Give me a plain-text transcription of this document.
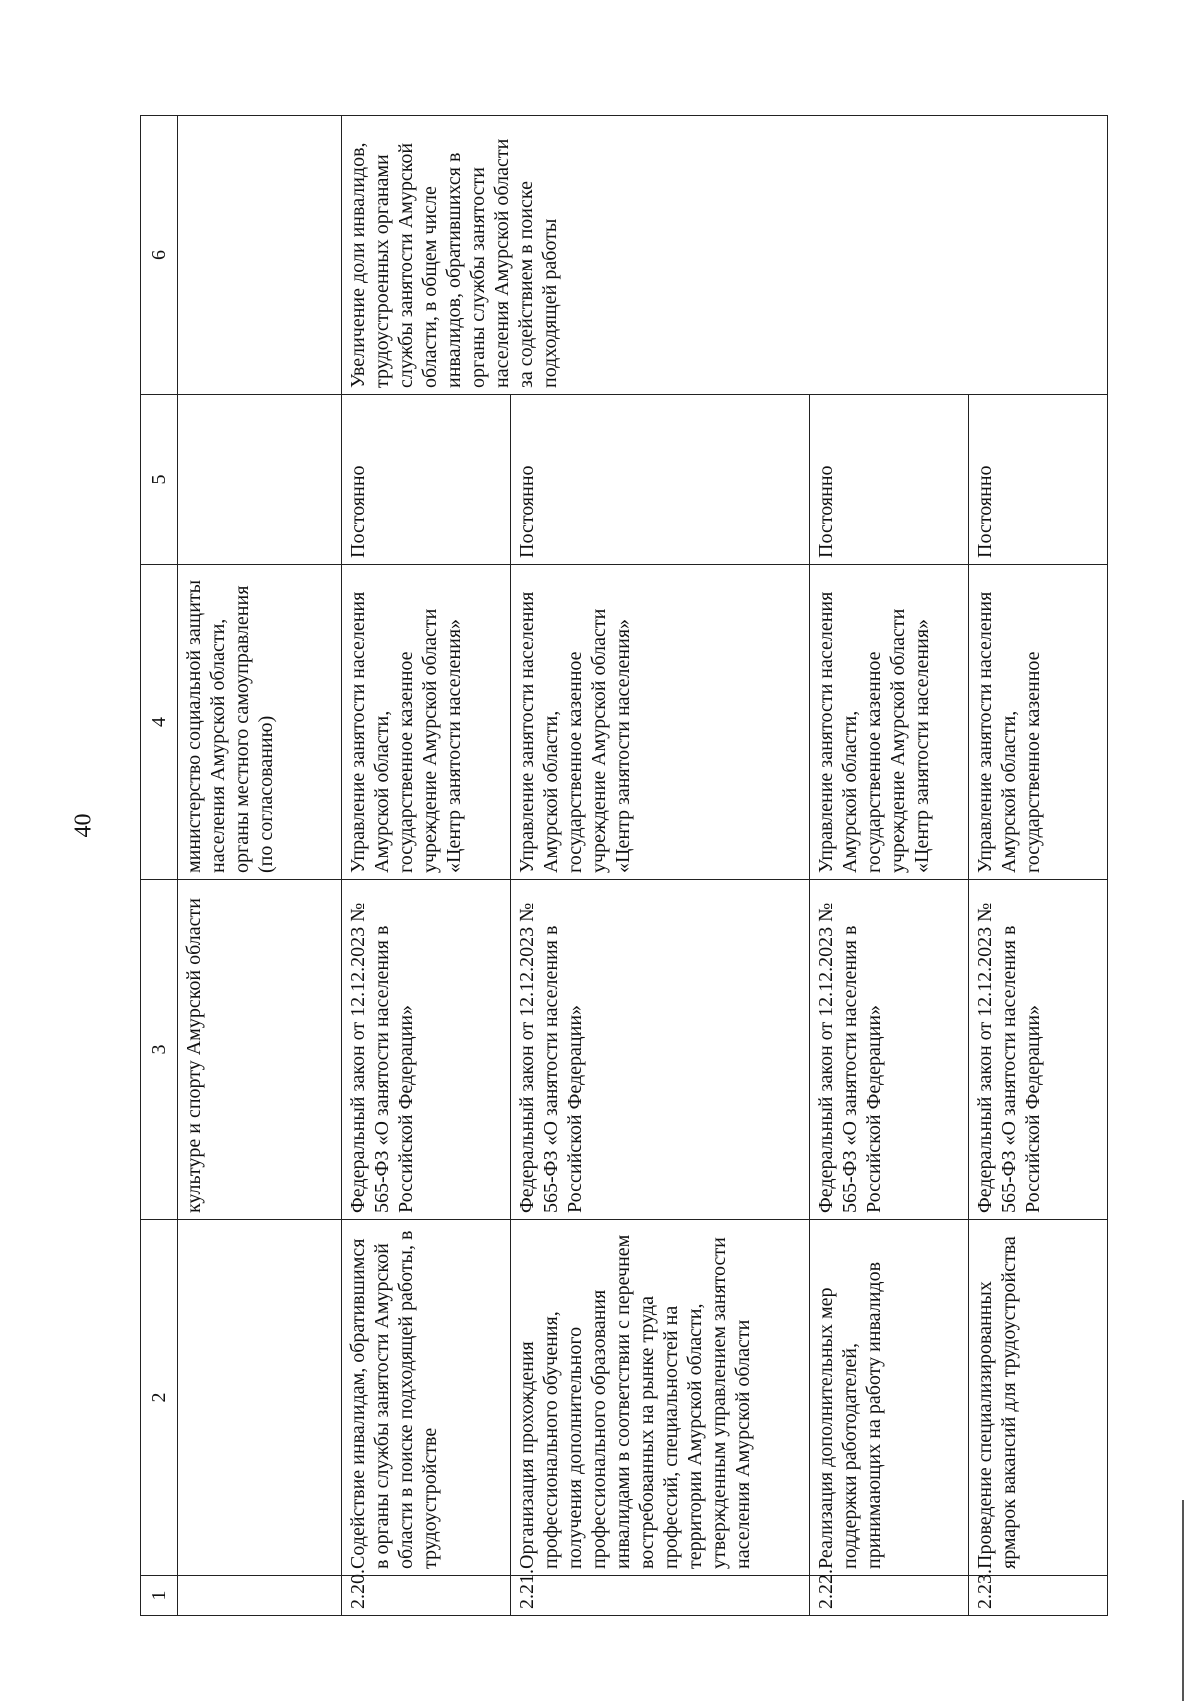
40
1	2	3	4	5	6
		культуре и спорту Амурской области	министерство социальной защиты населения Амурской области, органы местного самоуправления (по согласованию)		
2.20.	Содействие инвалидам, обратившимся в органы службы занятости Амурской области в поиске подходящей работы, в трудоустройстве	Федеральный закон от 12.12.2023 № 565-ФЗ «О занятости населения в Российской Федерации»	Управление занятости населения Амурской области, государственное казенное учреждение Амурской области «Центр занятости населения»	Постоянно	Увеличение доли инвалидов, трудоустроенных органами службы занятости Амурской области, в общем числе инвалидов, обратившихся в органы службы занятости населения Амурской области за содействием в поиске подходящей работы
2.21.	Организация прохождения профессионального обучения, получения дополнительного профессионального образования инвалидами в соответствии с перечнем востребованных на рынке труда профессий, специальностей на территории Амурской области, утвержденным управлением занятости населения Амурской области	Федеральный закон от 12.12.2023 № 565-ФЗ «О занятости населения в Российской Федерации»	Управление занятости населения Амурской области, государственное казенное учреждение Амурской области «Центр занятости населения»	Постоянно	
2.22.	Реализация дополнительных мер поддержки работодателей, принимающих на работу инвалидов	Федеральный закон от 12.12.2023 № 565-ФЗ «О занятости населения в Российской Федерации»	Управление занятости населения Амурской области, государственное казенное учреждение Амурской области «Центр занятости населения»	Постоянно	
2.23.	Проведение специализированных ярмарок вакансий для трудоустройства	Федеральный закон от 12.12.2023 № 565-ФЗ «О занятости населения в Российской Федерации»	Управление занятости населения Амурской области, государственное казенное	Постоянно	
